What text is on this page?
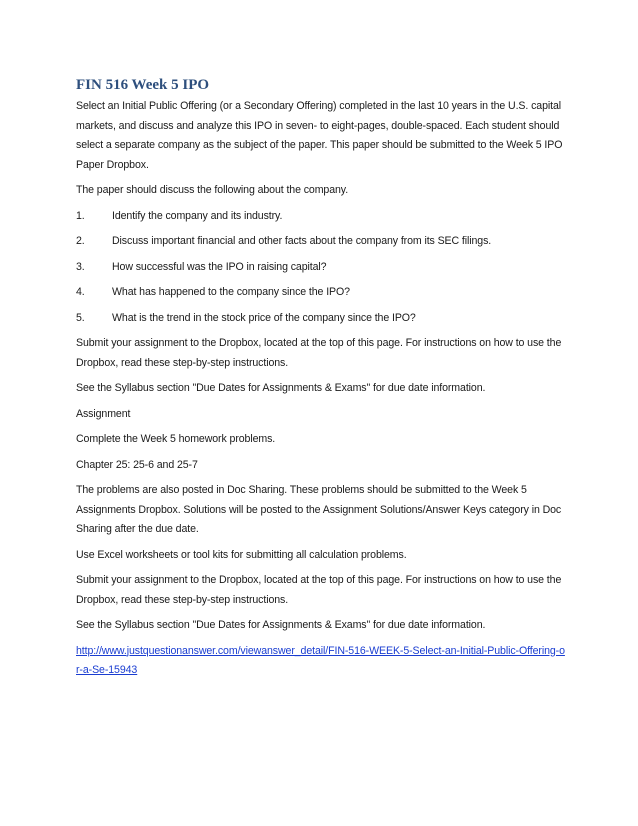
FIN 516 Week 5 IPO

Select an Initial Public Offering (or a Secondary Offering) completed in the last 10 years in the U.S. capital markets, and discuss and analyze this IPO in seven- to eight-pages, double-spaced. Each student should select a separate company as the subject of the paper. This paper should be submitted to the Week 5 IPO Paper Dropbox.

The paper should discuss the following about the company.

1.	Identify the company and its industry.
2.	Discuss important financial and other facts about the company from its SEC filings.
3.	How successful was the IPO in raising capital?
4.	What has happened to the company since the IPO?
5.	What is the trend in the stock price of the company since the IPO?

Submit your assignment to the Dropbox, located at the top of this page. For instructions on how to use the Dropbox, read these step-by-step instructions.

See the Syllabus section "Due Dates for Assignments & Exams" for due date information.

Assignment

Complete the Week 5 homework problems.

Chapter 25: 25-6 and 25-7

The problems are also posted in Doc Sharing. These problems should be submitted to the Week 5 Assignments Dropbox. Solutions will be posted to the Assignment Solutions/Answer Keys category in Doc Sharing after the due date.

Use Excel worksheets or tool kits for submitting all calculation problems.

Submit your assignment to the Dropbox, located at the top of this page. For instructions on how to use the Dropbox, read these step-by-step instructions.

See the Syllabus section "Due Dates for Assignments & Exams" for due date information.

http://www.justquestionanswer.com/viewanswer_detail/FIN-516-WEEK-5-Select-an-Initial-Public-Offering-or-a-Se-15943
